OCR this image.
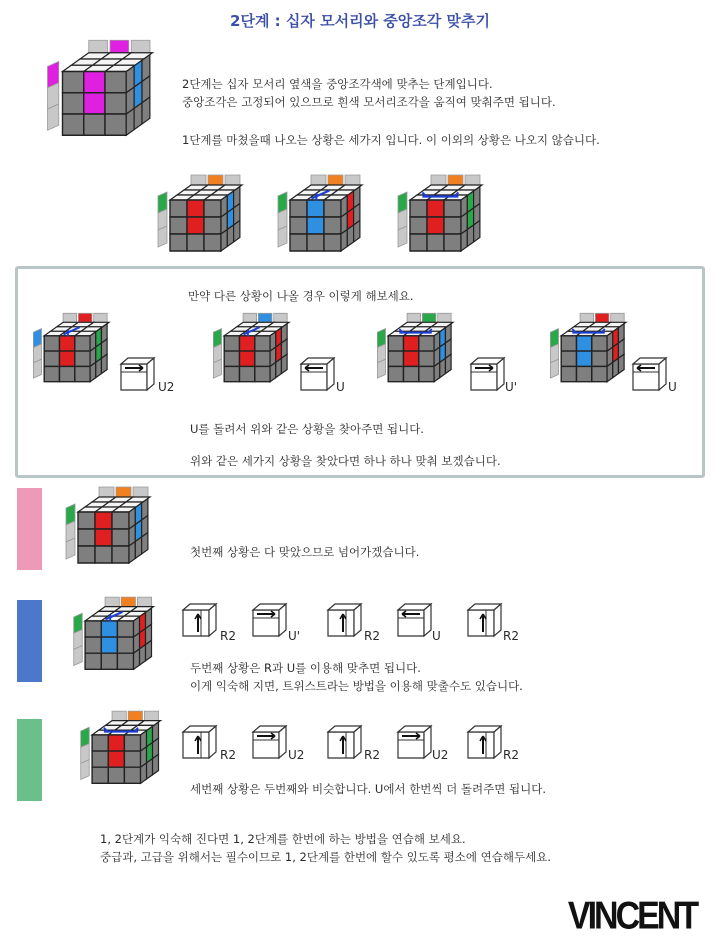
2단계 : 십자 모서리와 중앙조각 맞추기
2단계는 십자 모서리 옆색을 중앙조각색에 맞추는 단계입니다.
중앙조각은 고정되어 있으므로 흰색 모서리조각을 움직여 맞춰주면 됩니다.
1단계를 마쳤을때 나오는 상황은 세가지 입니다. 이 이외의 상황은 나오지 않습니다.
만약 다른 상황이 나올 경우 이렇게 해보세요.
U2	U	U'	U
U를 돌려서 위와 같은 상황을 찾아주면 됩니다.
위와 같은 세가지 상황을 찾았다면 하나 하나 맞춰 보겠습니다.
첫번째 상황은 다 맞았으므로 넘어가겠습니다.
R2	U'	R2	U	R2
두번째 상황은 R과 U를 이용해 맞추면 됩니다.
이게 익숙해 지면, 트위스트라는 방법을 이용해 맞출수도 있습니다.
R2	U2	R2	U2	R2
세번째 상황은 두번째와 비슷합니다. U에서 한번씩 더 돌려주면 됩니다.
1, 2단계가 익숙해 진다면 1, 2단계를 한번에 하는 방법을 연습해 보세요.
중급과, 고급을 위해서는 필수이므로 1, 2단계를 한번에 할수 있도록 평소에 연습해두세요.
VINCENT
